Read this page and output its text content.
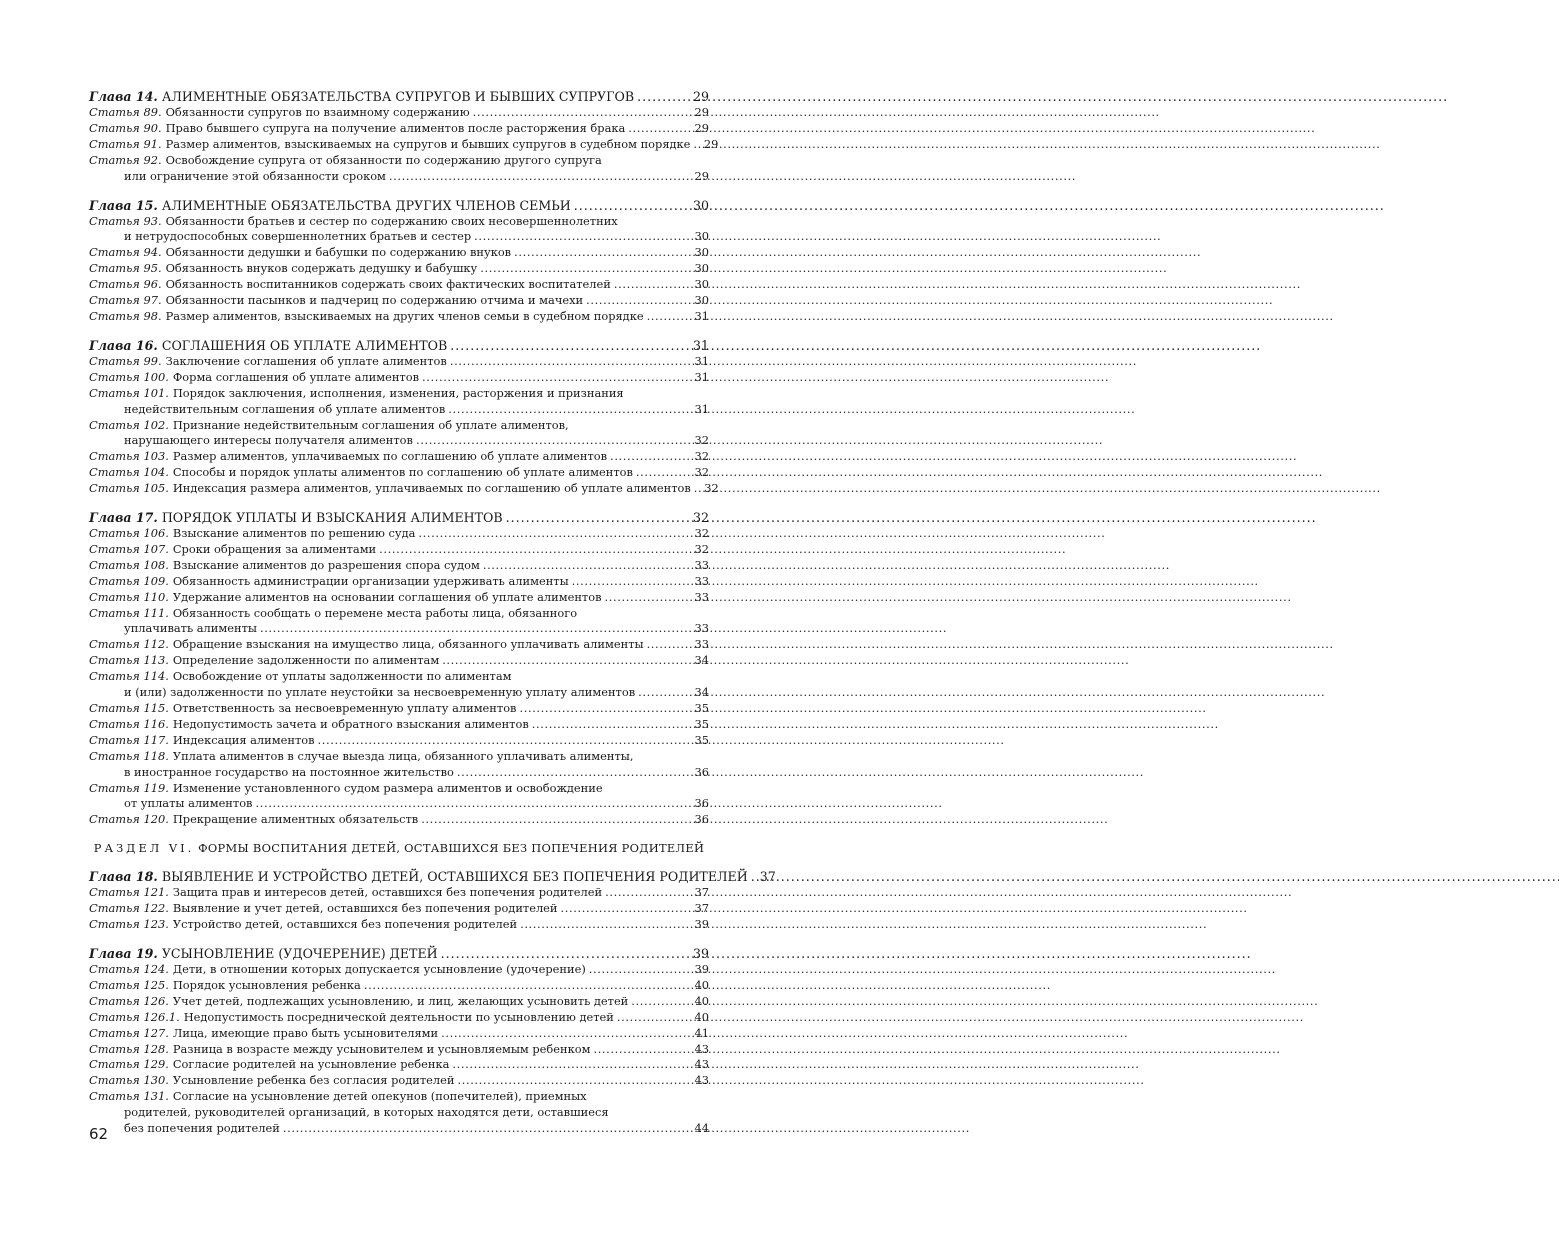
Глава 14. АЛИМЕНТНЫЕ ОБЯЗАТЕЛЬСТВА СУПРУГОВ И БЫВШИХ СУПРУГОВ . . .	29
Статья 89. Обязанности супругов по взаимному содержанию . . .	29
Статья 90. Право бывшего супруга на получение алиментов после расторжения брака . . .	29
Статья 91. Размер алиментов, взыскиваемых на супругов и бывших супругов в судебном порядке . . . 29
Статья 92. Освобождение супруга от обязанности по содержанию другого супруга
или ограничение этой обязанности сроком . . .	29
Глава 15. АЛИМЕНТНЫЕ ОБЯЗАТЕЛЬСТВА ДРУГИХ ЧЛЕНОВ СЕМЬИ . . .	30
Статья 93. Обязанности братьев и сестер по содержанию своих несовершеннолетних
и нетрудоспособных совершеннолетних братьев и сестер . . .	30
Статья 94. Обязанности дедушки и бабушки по содержанию внуков . . .	30
Статья 95. Обязанность внуков содержать дедушку и бабушку . . .	30
Статья 96. Обязанность воспитанников содержать своих фактических воспитателей . . .	30
Статья 97. Обязанности пасынков и падчериц по содержанию отчима и мачехи . . .	30
Статья 98. Размер алиментов, взыскиваемых на других членов семьи в судебном порядке . . .	31
Глава 16. СОГЛАШЕНИЯ ОБ УПЛАТЕ АЛИМЕНТОВ . . .	31
Статья 99. Заключение соглашения об уплате алиментов . . .	31
Статья 100. Форма соглашения об уплате алиментов . . .	31
Статья 101. Порядок заключения, исполнения, изменения, расторжения и признания
недействительным соглашения об уплате алиментов . . .	31
Статья 102. Признание недействительным соглашения об уплате алиментов,
нарушающего интересы получателя алиментов . . .	32
Статья 103. Размер алиментов, уплачиваемых по соглашению об уплате алиментов . . .	32
Статья 104. Способы и порядок уплаты алиментов по соглашению об уплате алиментов . . .	32
Статья 105. Индексация размера алиментов, уплачиваемых по соглашению об уплате алиментов . . . 32
Глава 17. ПОРЯДОК УПЛАТЫ И ВЗЫСКАНИЯ АЛИМЕНТОВ . . .	32
Статья 106. Взыскание алиментов по решению суда . . .	32
Статья 107. Сроки обращения за алиментами . . .	32
Статья 108. Взыскание алиментов до разрешения спора судом . . .	33
Статья 109. Обязанность администрации организации удерживать алименты . . .	33
Статья 110. Удержание алиментов на основании соглашения об уплате алиментов . . .	33
Статья 111. Обязанность сообщать о перемене места работы лица, обязанного
уплачивать алименты . . .	33
Статья 112. Обращение взыскания на имущество лица, обязанного уплачивать алименты . . .	33
Статья 113. Определение задолженности по алиментам . . .	34
Статья 114. Освобождение от уплаты задолженности по алиментам
и (или) задолженности по уплате неустойки за несвоевременную уплату алиментов . . .	34
Статья 115. Ответственность за несвоевременную уплату алиментов . . .	35
Статья 116. Недопустимость зачета и обратного взыскания алиментов . . .	35
Статья 117. Индексация алиментов . . .	35
Статья 118. Уплата алиментов в случае выезда лица, обязанного уплачивать алименты,
в иностранное государство на постоянное жительство . . .	36
Статья 119. Изменение установленного судом размера алиментов и освобождение
от уплаты алиментов . . .	36
Статья 120. Прекращение алиментных обязательств . . .	36
РАЗДЕЛ VI. ФОРМЫ ВОСПИТАНИЯ ДЕТЕЙ, ОСТАВШИХСЯ БЕЗ ПОПЕЧЕНИЯ РОДИТЕЛЕЙ
Глава 18. ВЫЯВЛЕНИЕ И УСТРОЙСТВО ДЕТЕЙ, ОСТАВШИХСЯ БЕЗ ПОПЕЧЕНИЯ РОДИТЕЛЕЙ . . . 37
Статья 121. Защита прав и интересов детей, оставшихся без попечения родителей . . .	37
Статья 122. Выявление и учет детей, оставшихся без попечения родителей . . .	37
Статья 123. Устройство детей, оставшихся без попечения родителей . . .	39
Глава 19. УСЫНОВЛЕНИЕ (УДОЧЕРЕНИЕ) ДЕТЕЙ . . .	39
Статья 124. Дети, в отношении которых допускается усыновление (удочерение) . . .	39
Статья 125. Порядок усыновления ребенка . . .	40
Статья 126. Учет детей, подлежащих усыновлению, и лиц, желающих усыновить детей . . .	40
Статья 126.1. Недопустимость посреднической деятельности по усыновлению детей . . .	40
Статья 127. Лица, имеющие право быть усыновителями . . .	41
Статья 128. Разница в возрасте между усыновителем и усыновляемым ребенком . . .	43
Статья 129. Согласие родителей на усыновление ребенка . . .	43
Статья 130. Усыновление ребенка без согласия родителей . . .	43
Статья 131. Согласие на усыновление детей опекунов (попечителей), приемных
родителей, руководителей организаций, в которых находятся дети, оставшиеся
без попечения родителей . . .	44
62
